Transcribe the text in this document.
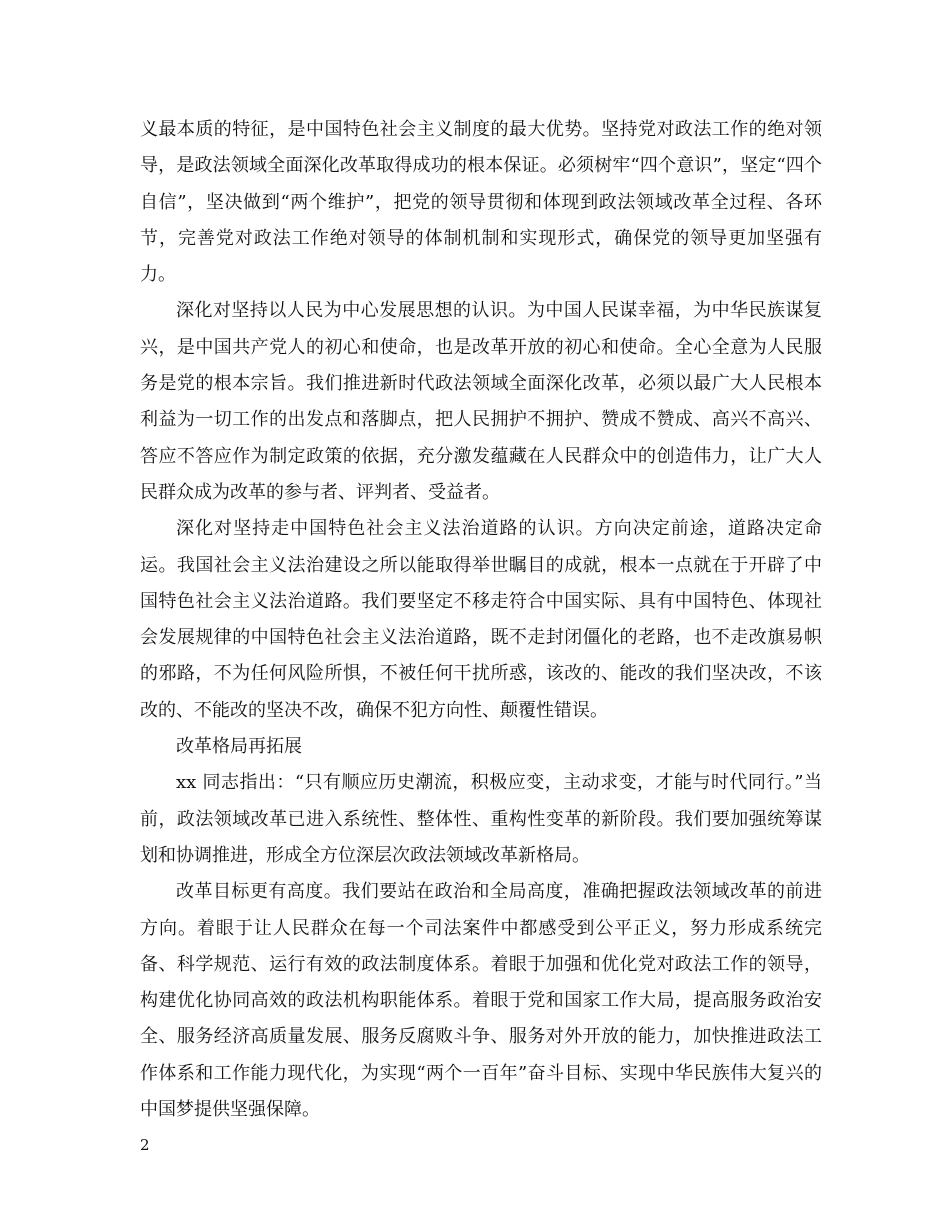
义最本质的特征，是中国特色社会主义制度的最大优势。坚持党对政法工作的绝对领导，是政法领域全面深化改革取得成功的根本保证。必须树牢“四个意识”，坚定“四个自信”，坚决做到“两个维护”，把党的领导贯彻和体现到政法领域改革全过程、各环节，完善党对政法工作绝对领导的体制机制和实现形式，确保党的领导更加坚强有力。

深化对坚持以人民为中心发展思想的认识。为中国人民谋幸福，为中华民族谋复兴，是中国共产党人的初心和使命，也是改革开放的初心和使命。全心全意为人民服务是党的根本宗旨。我们推进新时代政法领域全面深化改革，必须以最广大人民根本利益为一切工作的出发点和落脚点，把人民拥护不拥护、赞成不赞成、高兴不高兴、答应不答应作为制定政策的依据，充分激发蕴藏在人民群众中的创造伟力，让广大人民群众成为改革的参与者、评判者、受益者。

深化对坚持走中国特色社会主义法治道路的认识。方向决定前途，道路决定命运。我国社会主义法治建设之所以能取得举世瞩目的成就，根本一点就在于开辟了中国特色社会主义法治道路。我们要坚定不移走符合中国实际、具有中国特色、体现社会发展规律的中国特色社会主义法治道路，既不走封闭僵化的老路，也不走改旗易帜的邪路，不为任何风险所惧，不被任何干扰所惑，该改的、能改的我们坚决改，不该改的、不能改的坚决不改，确保不犯方向性、颠覆性错误。

改革格局再拓展

xx 同志指出：“只有顺应历史潮流，积极应变，主动求变，才能与时代同行。”当前，政法领域改革已进入系统性、整体性、重构性变革的新阶段。我们要加强统筹谋划和协调推进，形成全方位深层次政法领域改革新格局。

改革目标更有高度。我们要站在政治和全局高度，准确把握政法领域改革的前进方向。着眼于让人民群众在每一个司法案件中都感受到公平正义，努力形成系统完备、科学规范、运行有效的政法制度体系。着眼于加强和优化党对政法工作的领导，构建优化协同高效的政法机构职能体系。着眼于党和国家工作大局，提高服务政治安全、服务经济高质量发展、服务反腐败斗争、服务对外开放的能力，加快推进政法工作体系和工作能力现代化，为实现“两个一百年”奋斗目标、实现中华民族伟大复兴的中国梦提供坚强保障。

2
